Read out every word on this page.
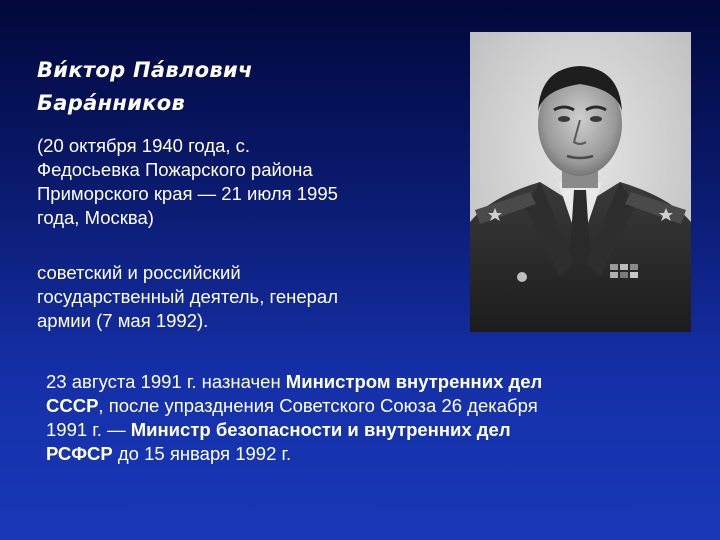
Ви́ктор Па́влович
Бара́нников

(20 октября 1940 года, с.
Федосьевка Пожарского района
Приморского края — 21 июля 1995
года, Москва)

советский и российский
государственный деятель, генерал
армии (7 мая 1992).

23 августа 1991 г. назначен Министром внутренних дел
СССР, после упразднения Советского Союза 26 декабря
1991 г. — Министр безопасности и внутренних дел
РСФСР до 15 января 1992 г.
